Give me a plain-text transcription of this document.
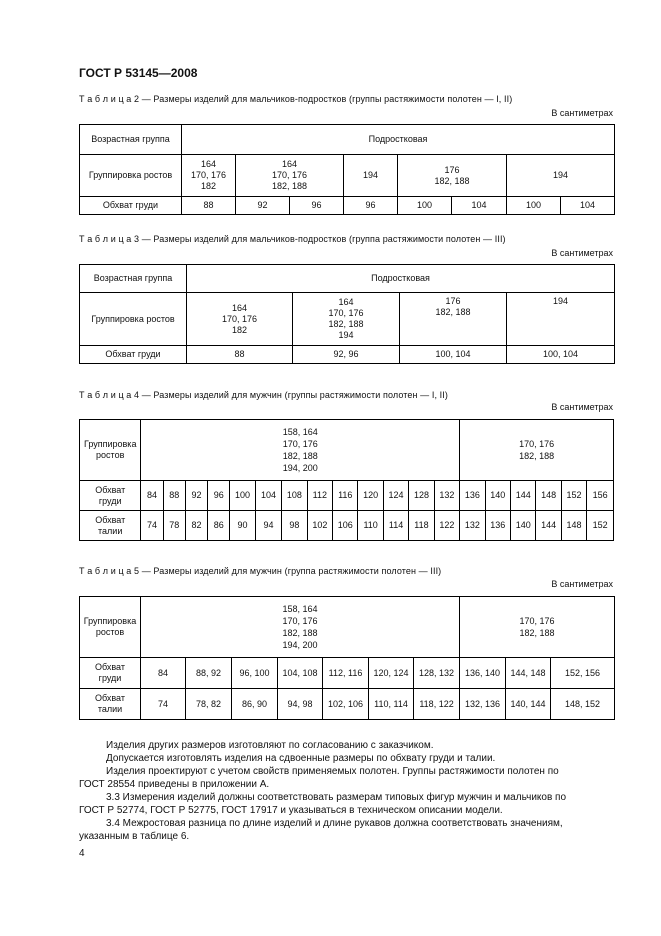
ГОСТ Р 53145—2008
Т а б л и ц а 2 — Размеры изделий для мальчиков-подростков (группы растяжимости полотен — I, II)
В сантиметрах
Возрастная группа	Подростковая							
Группировка ростов	164
170, 176
182	164
170, 176
182, 188		194	176
182, 188		194	
Обхват груди	88	92	96	96	100	104	100	104
Т а б л и ц а 3 — Размеры изделий для мальчиков-подростков (группа растяжимости полотен — III)
В сантиметрах
Возрастная группа	Подростковая			
Группировка ростов	164
170, 176
182	164
170, 176
182, 188
194	176
182, 188	194
Обхват груди	88	92, 96	100, 104	100, 104
Т а б л и ц а 4 — Размеры изделий для мужчин (группы растяжимости полотен — I, II)
В сантиметрах
Группировка
ростов	158, 164
170, 176
182, 188
194, 200													170, 176
182, 188					
Обхват
груди	84	88	92	96	100	104	108	112	116	120	124	128	132	136	140	144	148	152	156
Обхват
талии	74	78	82	86	90	94	98	102	106	110	114	118	122	132	136	140	144	148	152
Т а б л и ц а 5 — Размеры изделий для мужчин (группа растяжимости полотен — III)
В сантиметрах
Группировка
ростов	158, 164
170, 176
182, 188
194, 200							170, 176
182, 188		
Обхват
груди	84	88, 92	96, 100	104, 108	112, 116	120, 124	128, 132	136, 140	144, 148	152, 156
Обхват
талии	74	78, 82	86, 90	94, 98	102, 106	110, 114	118, 122	132, 136	140, 144	148, 152
Изделия других размеров изготовляют по согласованию с заказчиком.
Допускается изготовлять изделия на сдвоенные размеры по обхвату груди и талии.
Изделия проектируют с учетом свойств применяемых полотен. Группы растяжимости полотен по
ГОСТ 28554 приведены в приложении А.
3.3 Измерения изделий должны соответствовать размерам типовых фигур мужчин и мальчиков по
ГОСТ Р 52774, ГОСТ Р 52775, ГОСТ 17917 и указываться в техническом описании модели.
3.4 Межростовая разница по длине изделий и длине рукавов должна соответствовать значениям,
указанным в таблице 6.
4
